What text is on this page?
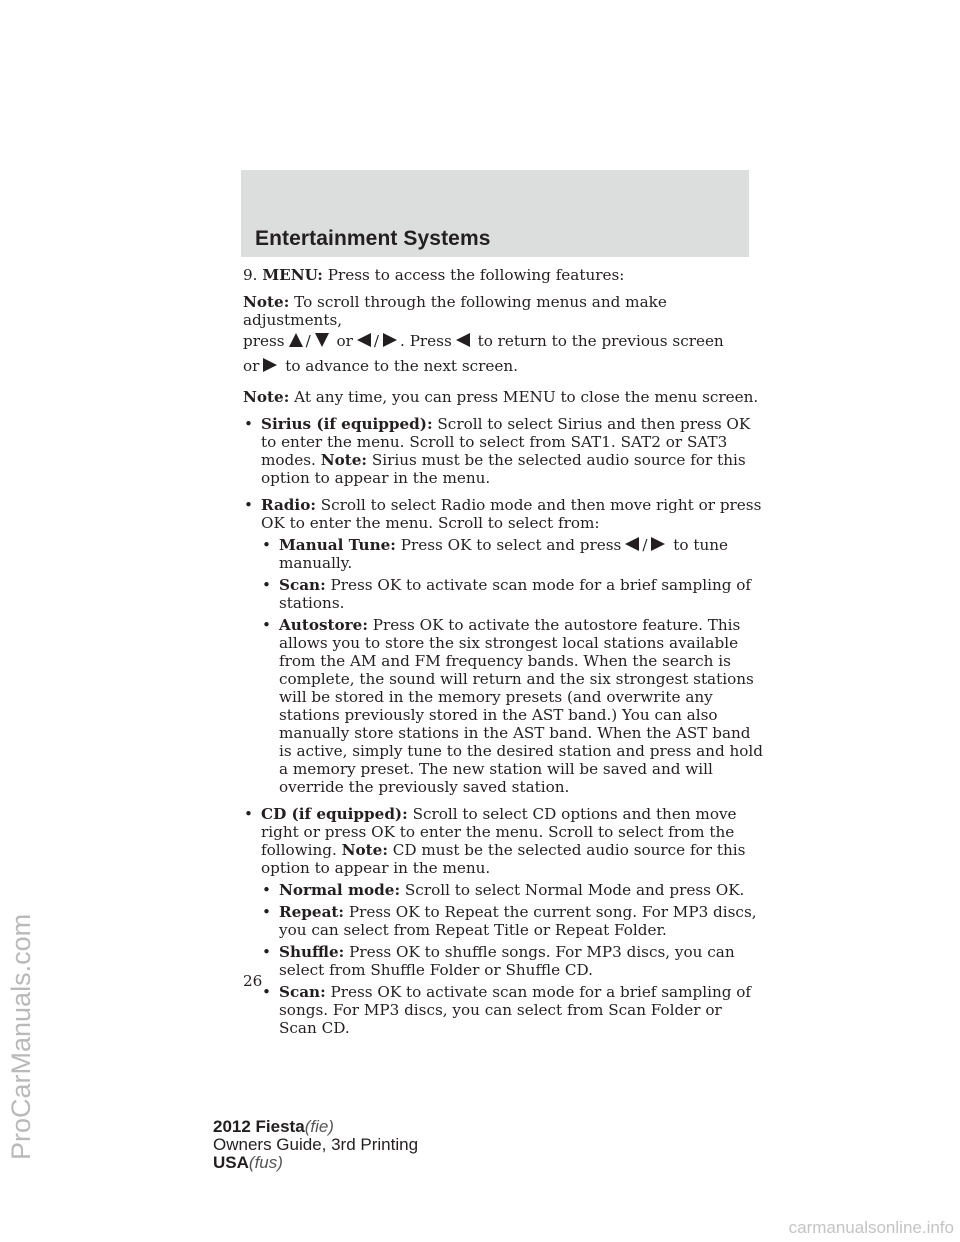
Entertainment Systems
9. MENU: Press to access the following features:
Note: To scroll through the following menus and make adjustments,
press / or / . Press to return to the previous screen
or to advance to the next screen.
Note: At any time, you can press MENU to close the menu screen.
• Sirius (if equipped): Scroll to select Sirius and then press OK to enter the menu. Scroll to select from SAT1. SAT2 or SAT3 modes. Note: Sirius must be the selected audio source for this option to appear in the menu.
• Radio: Scroll to select Radio mode and then move right or press OK to enter the menu. Scroll to select from:
• Manual Tune: Press OK to select and press / to tune manually.
• Scan: Press OK to activate scan mode for a brief sampling of stations.
• Autostore: Press OK to activate the autostore feature. This allows you to store the six strongest local stations available from the AM and FM frequency bands. When the search is complete, the sound will return and the six strongest stations will be stored in the memory presets (and overwrite any stations previously stored in the AST band.) You can also manually store stations in the AST band. When the AST band is active, simply tune to the desired station and press and hold a memory preset. The new station will be saved and will override the previously saved station.
• CD (if equipped): Scroll to select CD options and then move right or press OK to enter the menu. Scroll to select from the following. Note: CD must be the selected audio source for this option to appear in the menu.
• Normal mode: Scroll to select Normal Mode and press OK.
• Repeat: Press OK to Repeat the current song. For MP3 discs, you can select from Repeat Title or Repeat Folder.
• Shuffle: Press OK to shuffle songs. For MP3 discs, you can select from Shuffle Folder or Shuffle CD.
• Scan: Press OK to activate scan mode for a brief sampling of songs. For MP3 discs, you can select from Scan Folder or Scan CD.
26
2012 Fiesta(fie)
Owners Guide, 3rd Printing
USA(fus)
ProCarManuals.com
carmanualsonline.info
